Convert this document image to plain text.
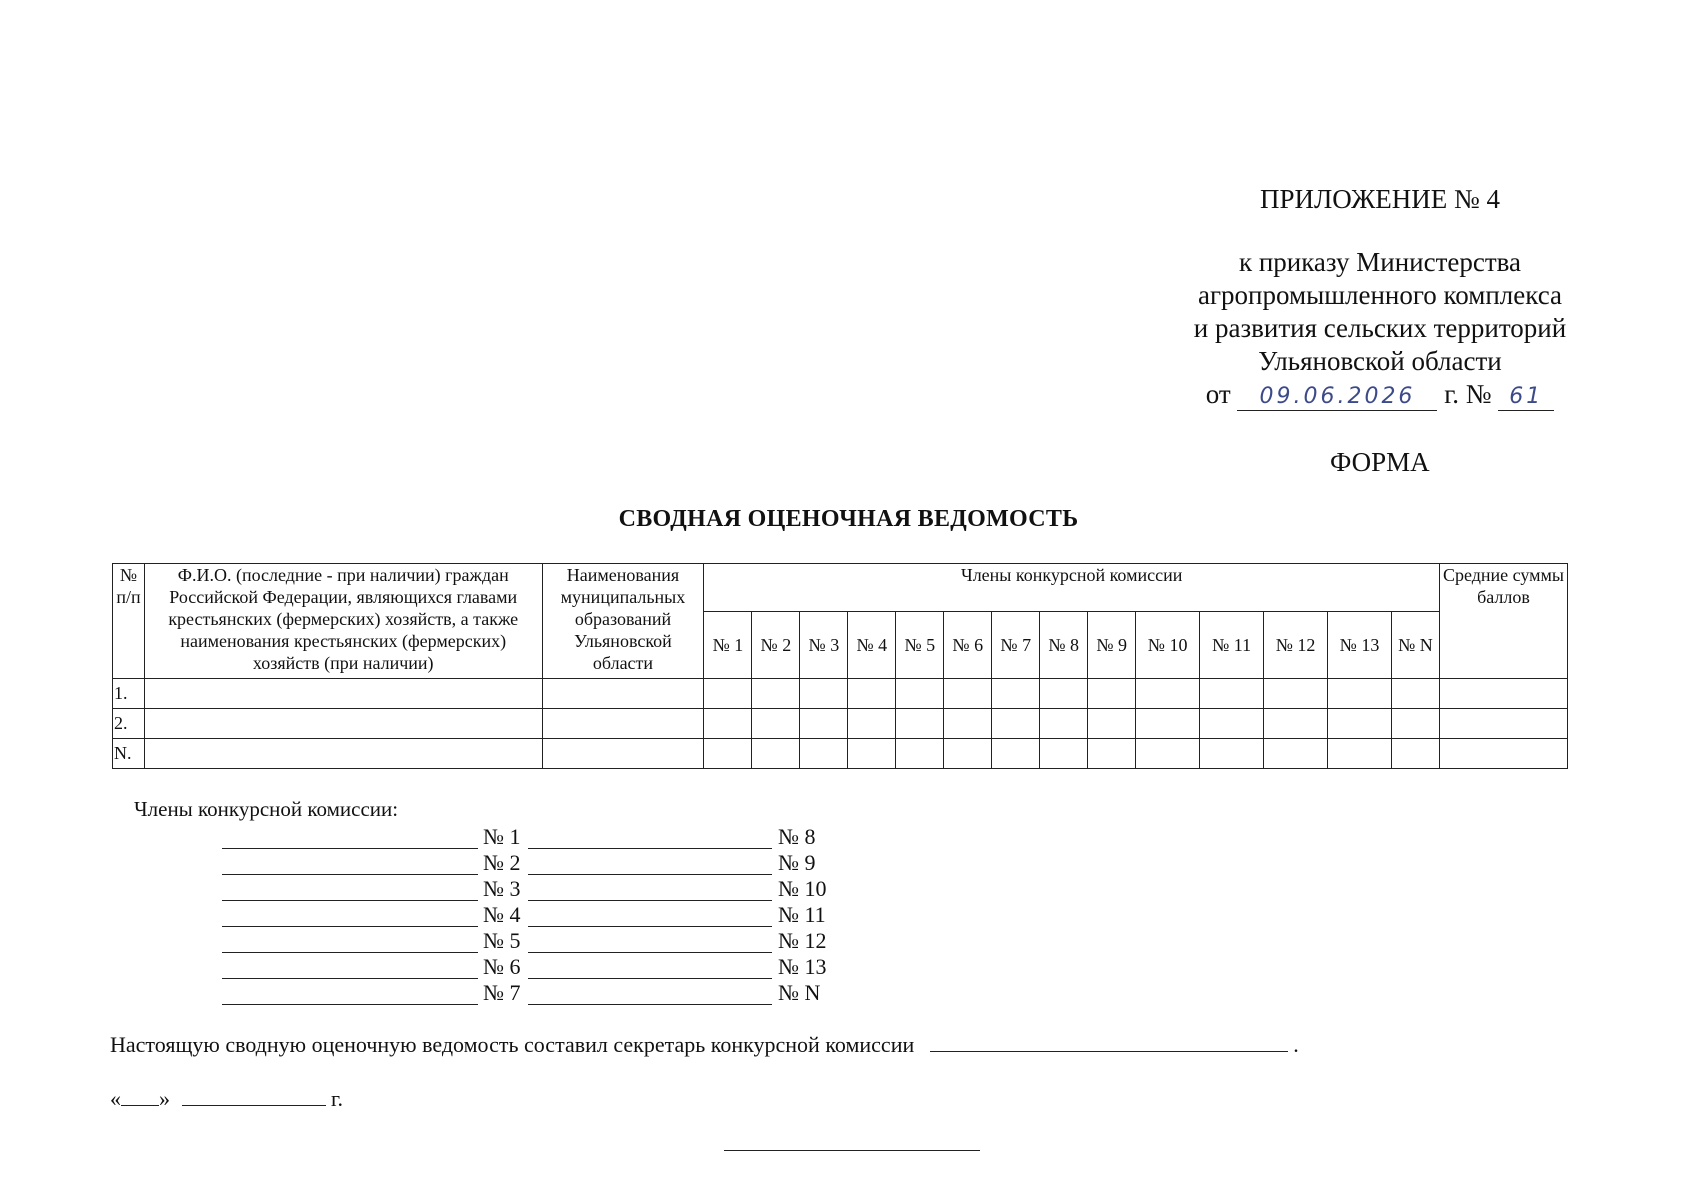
ПРИЛОЖЕНИЕ № 4
к приказу Министерства
агропромышленного комплекса
и развития сельских территорий
Ульяновской области
от 09.06.2026 г. № 61
ФОРМА
СВОДНАЯ ОЦЕНОЧНАЯ ВЕДОМОСТЬ
№ п/п	Ф.И.О. (последние - при наличии) граждан Российской Федерации, являющихся главами крестьянских (фермерских) хозяйств, а также наименования крестьянских (фермерских) хозяйств (при наличии)	Наименования муниципальных образований Ульяновской области	Члены конкурсной комиссии														Средние суммы баллов
			№ 1	№ 2	№ 3	№ 4	№ 5	№ 6	№ 7	№ 8	№ 9	№ 10	№ 11	№ 12	№ 13	№ N	
1.																	
2.																	
N.																	
Члены конкурсной комиссии:
№ 1	№ 8
№ 2	№ 9
№ 3	№ 10
№ 4	№ 11
№ 5	№ 12
№ 6	№ 13
№ 7	№ N
Настоящую сводную оценочную ведомость составил секретарь конкурсной комиссии	.
« »	г.
